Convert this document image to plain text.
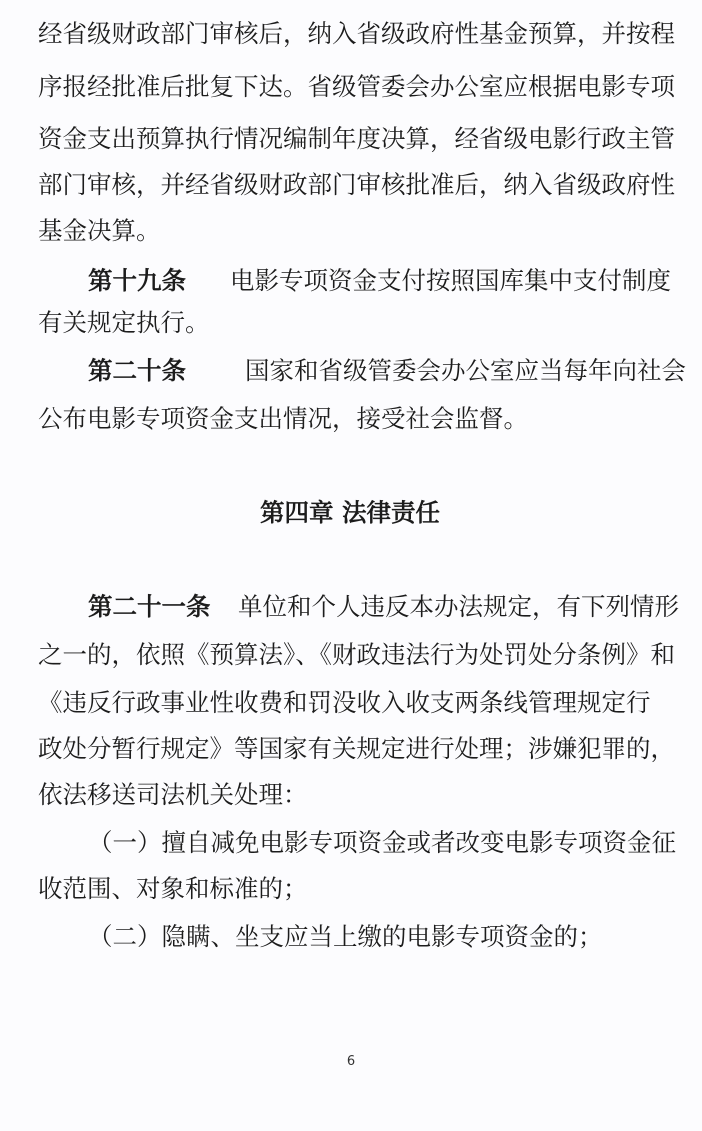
经省级财政部门审核后，纳入省级政府性基金预算，并按程
序报经批准后批复下达。省级管委会办公室应根据电影专项
资金支出预算执行情况编制年度决算，经省级电影行政主管
部门审核，并经省级财政部门审核批准后，纳入省级政府性
基金决算。
第十九条 电影专项资金支付按照国库集中支付制度
有关规定执行。
第二十条 国家和省级管委会办公室应当每年向社会
公布电影专项资金支出情况，接受社会监督。
第四章 法律责任
第二十一条 单位和个人违反本办法规定，有下列情形
之一的，依照《预算法》、《财政违法行为处罚处分条例》和
《违反行政事业性收费和罚没收入收支两条线管理规定行
政处分暂行规定》等国家有关规定进行处理；涉嫌犯罪的，
依法移送司法机关处理：
（一）擅自减免电影专项资金或者改变电影专项资金征
收范围、对象和标准的；
（二）隐瞒、坐支应当上缴的电影专项资金的；
6
